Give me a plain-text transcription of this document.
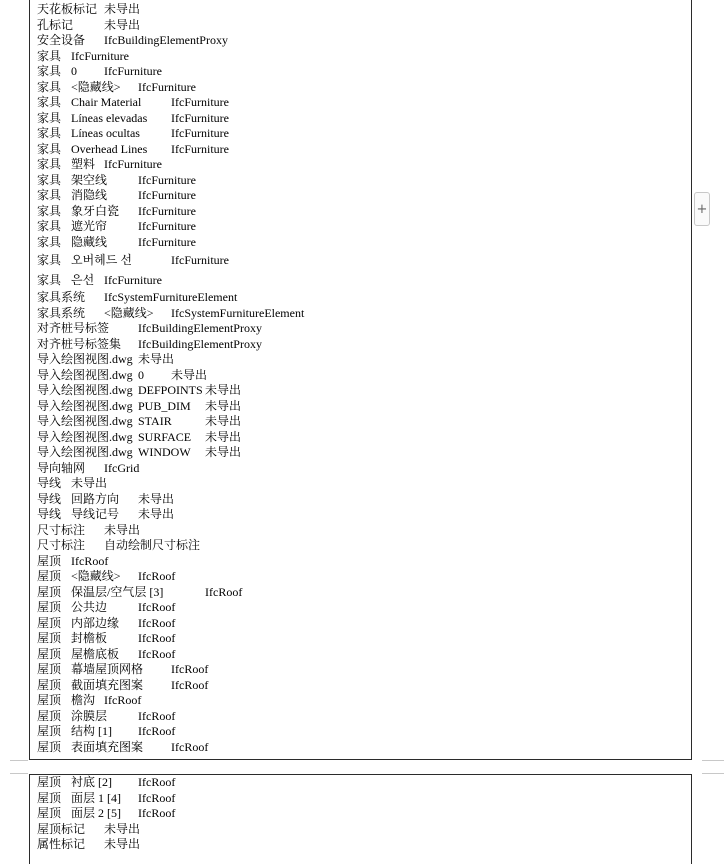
天花板标记 未导出
孔标记	未导出
安全设备 IfcBuildingElementProxy
家具 IfcFurniture
家具 0 IfcFurniture
家具 <隐藏线> IfcFurniture
家具 Chair Material IfcFurniture
家具 Líneas elevadas IfcFurniture
家具 Líneas ocultas	IfcFurniture
家具 Overhead Lines IfcFurniture
家具 塑料 IfcFurniture
家具 架空线	IfcFurniture
家具 消隐线	IfcFurniture
家具 象牙白瓷 IfcFurniture
家具 遮光帘	IfcFurniture
家具 隐藏线	IfcFurniture
家具 오버헤드 선	IfcFurniture
家具 은선 IfcFurniture
家具系统 IfcSystemFurnitureElement
家具系统 <隐藏线> IfcSystemFurnitureElement
对齐桩号标签 IfcBuildingElementProxy
对齐桩号标签集 IfcBuildingElementProxy
导入绘图视图.dwg 未导出
导入绘图视图.dwg 0 未导出
导入绘图视图.dwg DEFPOINTS 未导出
导入绘图视图.dwg PUB_DIM 未导出
导入绘图视图.dwg STAIR	未导出
导入绘图视图.dwg SURFACE 未导出
导入绘图视图.dwg WINDOW 未导出
导向轴网 IfcGrid
导线 未导出
导线 回路方向 未导出
导线 导线记号 未导出
尺寸标注 未导出
尺寸标注 自动绘制尺寸标注
屋顶 IfcRoof
屋顶 <隐藏线> IfcRoof
屋顶 保温层/空气层 [3]	IfcRoof
屋顶 公共边	IfcRoof
屋顶 内部边缘 IfcRoof
屋顶 封檐板	IfcRoof
屋顶 屋檐底板 IfcRoof
屋顶 幕墙屋顶网格 IfcRoof
屋顶 截面填充图案 IfcRoof
屋顶 檐沟 IfcRoof
屋顶 涂膜层	IfcRoof
屋顶 结构 [1] IfcRoof
屋顶 表面填充图案 IfcRoof
屋顶 衬底 [2] IfcRoof
屋顶 面层 1 [4] IfcRoof
屋顶 面层 2 [5] IfcRoof
屋顶标记 未导出
属性标记 未导出
+
